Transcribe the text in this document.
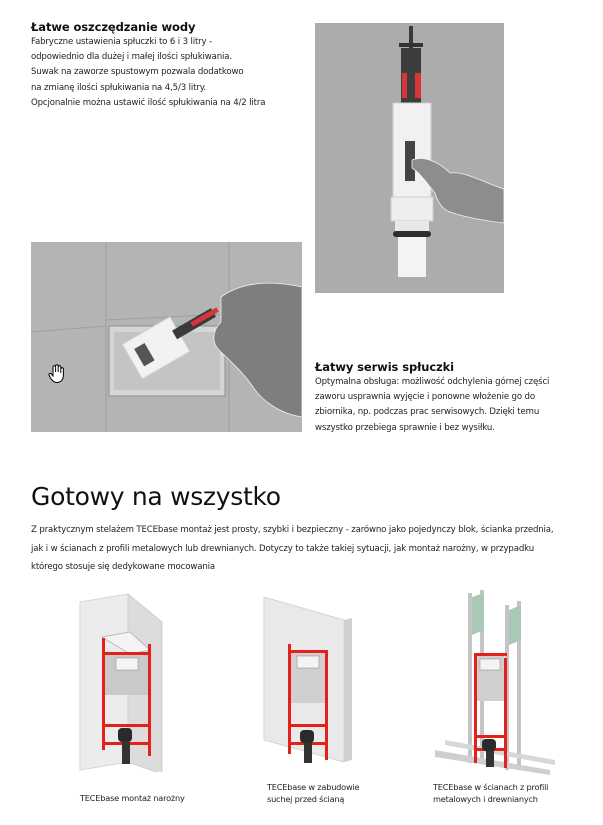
Łatwe oszczędzanie wody

Fabryczne ustawienia spłuczki to 6 i 3 litry -

odpowiednio dla dużej i małej ilości spłukiwania.

Suwak na zaworze spustowym pozwala dodatkowo

na zmianę ilości spłukiwania na 4,5/3 litry.

Opcjonalnie można ustawić ilość spłukiwania na 4/2 litra

Łatwy serwis spłuczki

Optymalna obsługa: możliwość odchylenia górnej części

zaworu usprawnia wyjęcie i ponowne włożenie go do

zbiornika, np. podczas prac serwisowych. Dzięki temu

wszystko przebiega sprawnie i bez wysiłku.

Gotowy na wszystko

Z praktycznym stelażem TECEbase montaż jest prosty, szybki i bezpieczny - zarówno jako pojedynczy blok, ścianka przednia,

jak i w ścianach z profili metalowych lub drewnianych. Dotyczy to także takiej sytuacji, jak montaż narożny, w przypadku

którego stosuje się dedykowane mocowania

TECEbase montaż narożny
TECEbase w zabudowie
suchej przed ścianą
TECEbase w ścianach z profili
metalowych i drewnianych
